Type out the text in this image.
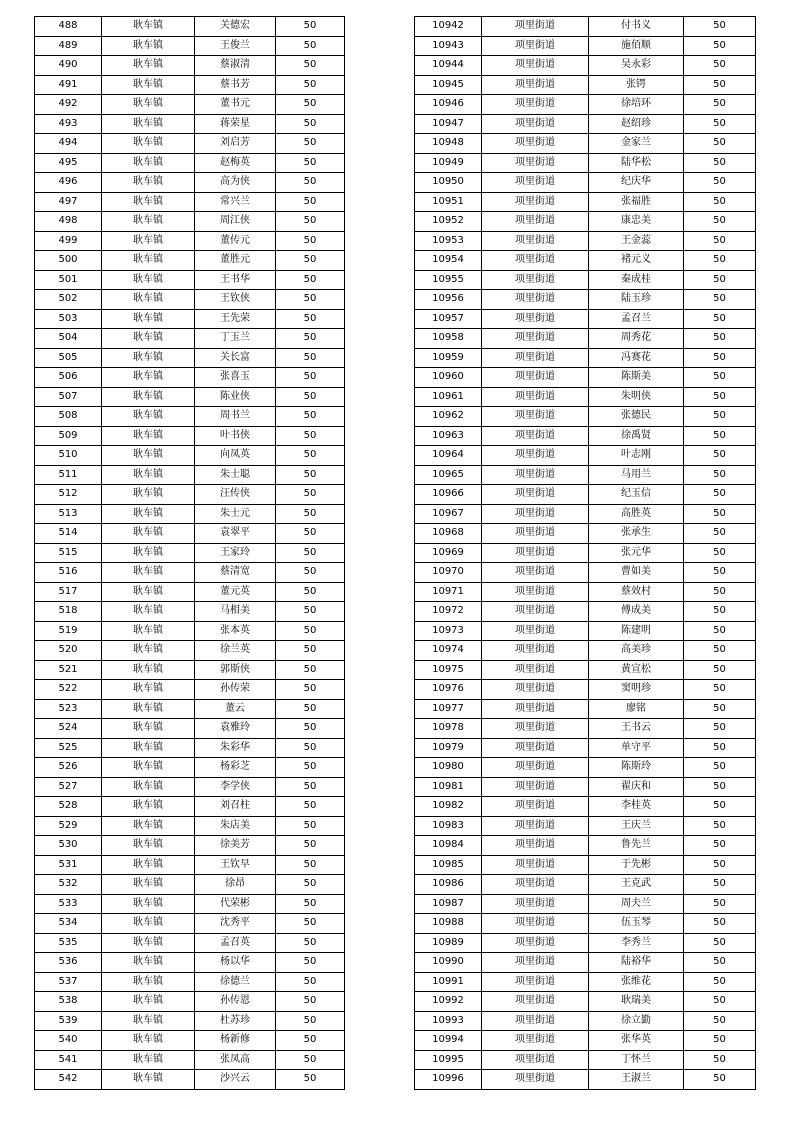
488	耿车镇	关德宏	50
489	耿车镇	王俊兰	50
490	耿车镇	蔡淑清	50
491	耿车镇	蔡书芳	50
492	耿车镇	董书元	50
493	耿车镇	蒋荣星	50
494	耿车镇	刘启芳	50
495	耿车镇	赵梅英	50
496	耿车镇	高为侠	50
497	耿车镇	常兴兰	50
498	耿车镇	周江侠	50
499	耿车镇	董传元	50
500	耿车镇	董胜元	50
501	耿车镇	王书华	50
502	耿车镇	王钦侠	50
503	耿车镇	王先荣	50
504	耿车镇	丁玉兰	50
505	耿车镇	关长富	50
506	耿车镇	张喜玉	50
507	耿车镇	陈业侠	50
508	耿车镇	周书兰	50
509	耿车镇	叶书侠	50
510	耿车镇	向凤英	50
511	耿车镇	朱士聪	50
512	耿车镇	汪传侠	50
513	耿车镇	朱士元	50
514	耿车镇	袁翠平	50
515	耿车镇	王家玲	50
516	耿车镇	蔡清宽	50
517	耿车镇	董元英	50
518	耿车镇	马相美	50
519	耿车镇	张本英	50
520	耿车镇	徐兰英	50
521	耿车镇	郭斯侠	50
522	耿车镇	孙传荣	50
523	耿车镇	董云	50
524	耿车镇	袁雅玲	50
525	耿车镇	朱彩华	50
526	耿车镇	杨彩芝	50
527	耿车镇	李学侠	50
528	耿车镇	刘召柱	50
529	耿车镇	朱店美	50
530	耿车镇	徐美芳	50
531	耿车镇	王钦早	50
532	耿车镇	徐昂	50
533	耿车镇	代荣彬	50
534	耿车镇	沈秀平	50
535	耿车镇	孟召英	50
536	耿车镇	杨以华	50
537	耿车镇	徐德兰	50
538	耿车镇	孙传恩	50
539	耿车镇	杜苏珍	50
540	耿车镇	杨新修	50
541	耿车镇	张凤高	50
542	耿车镇	沙兴云	50
10942	项里街道	付书义	50
10943	项里街道	施佰顺	50
10944	项里街道	吴永彩	50
10945	项里街道	张锷	50
10946	项里街道	徐培环	50
10947	项里街道	赵绍珍	50
10948	项里街道	金家兰	50
10949	项里街道	陆华松	50
10950	项里街道	纪庆华	50
10951	项里街道	张福胜	50
10952	项里街道	康忠美	50
10953	项里街道	王金蕊	50
10954	项里街道	褚元义	50
10955	项里街道	秦成桂	50
10956	项里街道	陆玉珍	50
10957	项里街道	孟召兰	50
10958	项里街道	周秀花	50
10959	项里街道	冯赛花	50
10960	项里街道	陈斯美	50
10961	项里街道	朱明侠	50
10962	项里街道	张德民	50
10963	项里街道	徐禹贤	50
10964	项里街道	叶志刚	50
10965	项里街道	马用兰	50
10966	项里街道	纪玉信	50
10967	项里街道	高胜英	50
10968	项里街道	张承生	50
10969	项里街道	张元华	50
10970	项里街道	曹如美	50
10971	项里街道	蔡效村	50
10972	项里街道	傅成美	50
10973	项里街道	陈建明	50
10974	项里街道	高美珍	50
10975	项里街道	黄宣松	50
10976	项里街道	窦明珍	50
10977	项里街道	廖铭	50
10978	项里街道	王书云	50
10979	项里街道	单守平	50
10980	项里街道	陈斯玲	50
10981	项里街道	翟庆和	50
10982	项里街道	李桂英	50
10983	项里街道	王庆兰	50
10984	项里街道	鲁先兰	50
10985	项里街道	于先彬	50
10986	项里街道	王克武	50
10987	项里街道	周夫兰	50
10988	项里街道	伍玉琴	50
10989	项里街道	李秀兰	50
10990	项里街道	陆裕华	50
10991	项里街道	张维花	50
10992	项里街道	耿瑞美	50
10993	项里街道	徐立勤	50
10994	项里街道	张华英	50
10995	项里街道	丁怀兰	50
10996	项里街道	王淑兰	50
